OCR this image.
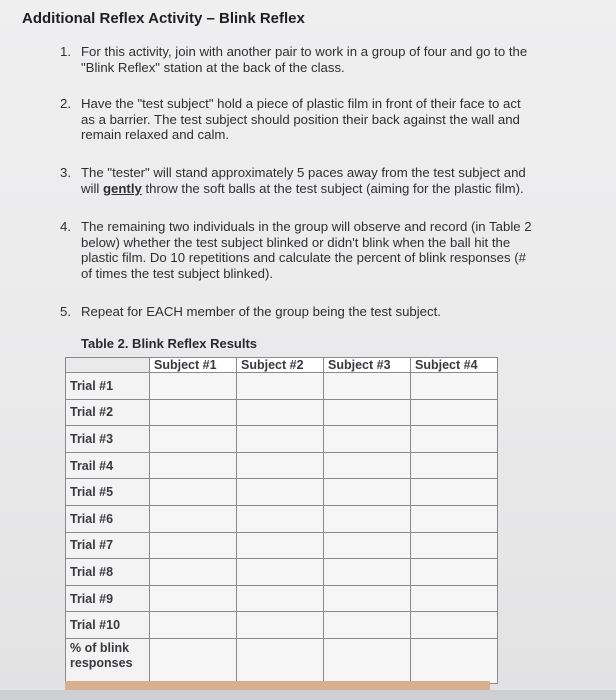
Additional Reflex Activity – Blink Reflex
1. For this activity, join with another pair to work in a group of four and go to the
"Blink Reflex" station at the back of the class.
2. Have the "test subject" hold a piece of plastic film in front of their face to act
as a barrier. The test subject should position their back against the wall and
remain relaxed and calm.
3. The "tester" will stand approximately 5 paces away from the test subject and
will gently throw the soft balls at the test subject (aiming for the plastic film).
4. The remaining two individuals in the group will observe and record (in Table 2
below) whether the test subject blinked or didn't blink when the ball hit the
plastic film. Do 10 repetitions and calculate the percent of blink responses (#
of times the test subject blinked).
5. Repeat for EACH member of the group being the test subject.
Table 2. Blink Reflex Results
	Subject #1	Subject #2	Subject #3	Subject #4
Trial #1				
Trial #2				
Trial #3				
Trail #4				
Trial #5				
Trial #6				
Trial #7				
Trial #8				
Trial #9				
Trial #10				

% of blink
responses				
